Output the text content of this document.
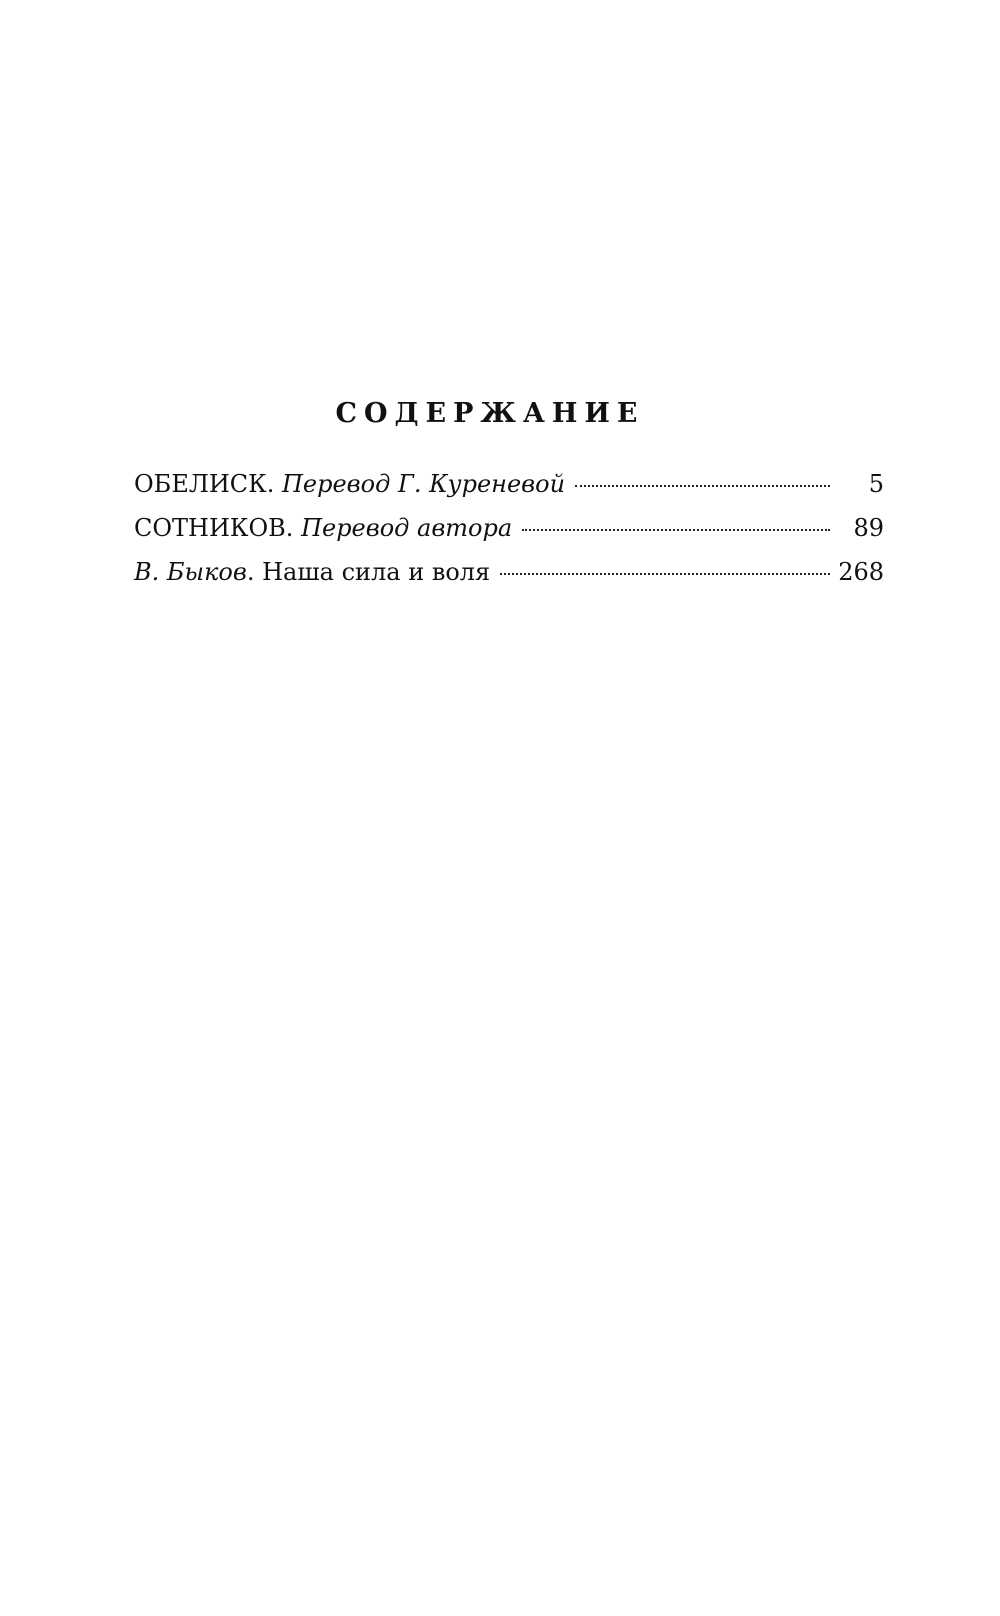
СОДЕРЖАНИЕ
ОБЕЛИСК. Перевод Г. Куреневой	5
СОТНИКОВ. Перевод автора	89
В. Быков. Наша сила и воля	268
